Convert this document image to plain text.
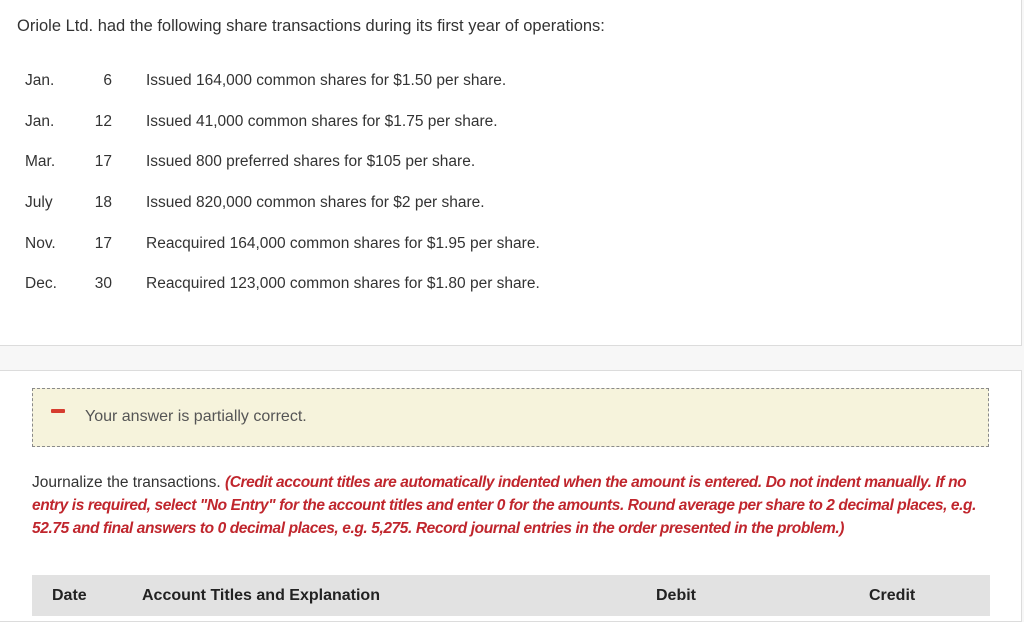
Oriole Ltd. had the following share transactions during its first year of operations:
Jan.	6 Issued 164,000 common shares for $1.50 per share.
Jan.	12 Issued 41,000 common shares for $1.75 per share.
Mar.	17 Issued 800 preferred shares for $105 per share.
July	18 Issued 820,000 common shares for $2 per share.
Nov.	17 Reacquired 164,000 common shares for $1.95 per share.
Dec.	30 Reacquired 123,000 common shares for $1.80 per share.
Your answer is partially correct.
Journalize the transactions. (Credit account titles are automatically indented when the amount is entered. Do not indent manually. If no entry is required, select "No Entry" for the account titles and enter 0 for the amounts. Round average per share to 2 decimal places, e.g. 52.75 and final answers to 0 decimal places, e.g. 5,275. Record journal entries in the order presented in the problem.)
Date	Account Titles and Explanation	Debit	Credit
